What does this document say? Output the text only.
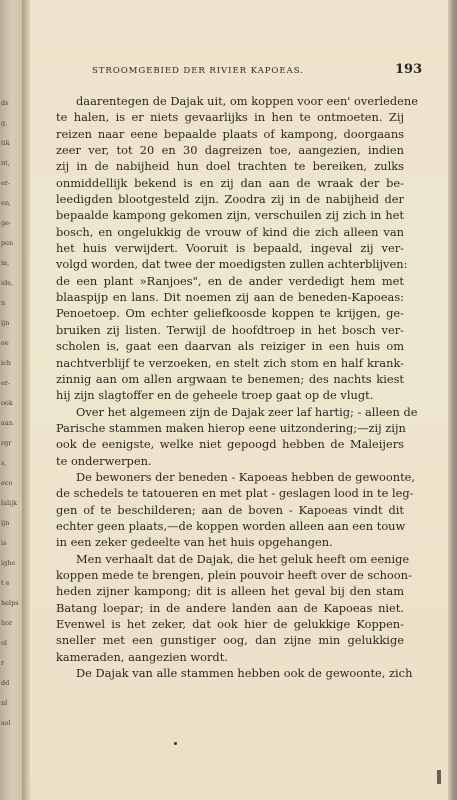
ds
g,
tik
nt,
er-
en,
ge-
pen
m,
ide,
n
ijn
ee
ich
er-
ook
aan
rgr
s,
eco
lalijk
ijn
is
ighe
t e
helps
hor
ol
r
dd
nl
sol
STROOMGEBIED DER RIVIER KAPOEAS.	193
daarentegen de Dajak uit, om koppen voor een' overledene
te halen, is er niets gevaarlijks in hen te ontmoeten. Zij
reizen naar eene bepaalde plaats of kampong, doorgaans
zeer ver, tot 20 en 30 dagreizen toe, aangezien, indien
zij in de nabijheid hun doel trachten te bereiken, zulks
onmiddellijk bekend is en zij dan aan de wraak der be-
leedigden blootgesteld zijn. Zoodra zij in de nabijheid der
bepaalde kampong gekomen zijn, verschuilen zij zich in het
bosch, en ongelukkig de vrouw of kind die zich alleen van
het huis verwijdert. Vooruit is bepaald, ingeval zij ver-
volgd worden, dat twee der moedigsten zullen achterblijven:
de een plant »Ranjoes", en de ander verdedigt hem met
blaaspijp en lans. Dit noemen zij aan de beneden-Kapoeas:
Penoetoep. Om echter geliefkoosde koppen te krijgen, ge-
bruiken zij listen. Terwijl de hoofdtroep in het bosch ver-
scholen is, gaat een daarvan als reiziger in een huis om
nachtverblijf te verzoeken, en stelt zich stom en half krank-
zinnig aan om allen argwaan te benemen; des nachts kiest
hij zijn slagtoffer en de geheele troep gaat op de vlugt.
Over het algemeen zijn de Dajak zeer laf hartig; - alleen de
Parische stammen maken hierop eene uitzondering;—zij zijn
ook de eenigste, welke niet gepoogd hebben de Maleijers
te onderwerpen.
De bewoners der beneden - Kapoeas hebben de gewoonte,
de schedels te tatoueren en met plat - geslagen lood in te leg-
gen of te beschilderen; aan de boven - Kapoeas vindt dit
echter geen plaats,—de koppen worden alleen aan een touw
in een zeker gedeelte van het huis opgehangen.
Men verhaalt dat de Dajak, die het geluk heeft om eenige
koppen mede te brengen, plein pouvoir heeft over de schoon-
heden zijner kampong; dit is alleen het geval bij den stam
Batang loepar; in de andere landen aan de Kapoeas niet.
Evenwel is het zeker, dat ook hier de gelukkige Koppen-
sneller met een gunstiger oog, dan zijne min gelukkige
kameraden, aangezien wordt.
De Dajak van alle stammen hebben ook de gewoonte, zich
